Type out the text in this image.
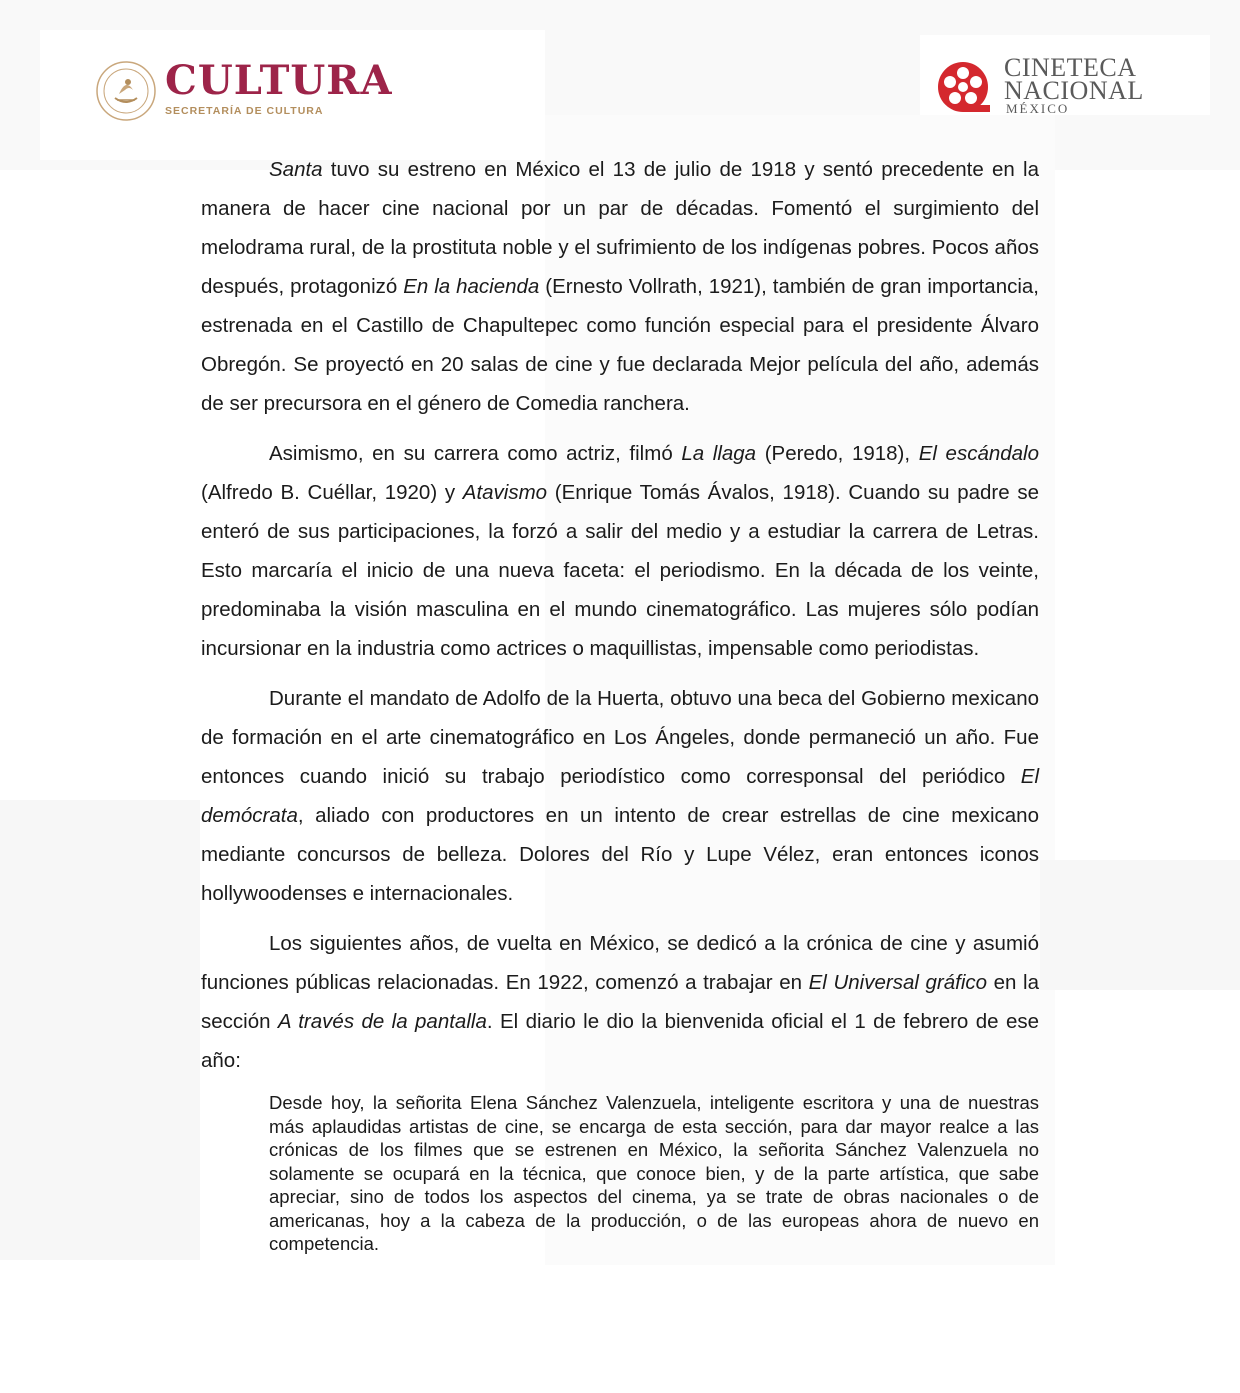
CULTURA
SECRETARÍA DE CULTURA
CINETECA
NACIONAL
MÉXICO

Santa tuvo su estreno en México el 13 de julio de 1918 y sentó precedente en la manera de hacer cine nacional por un par de décadas. Fomentó el surgimiento del melodrama rural, de la prostituta noble y el sufrimiento de los indígenas pobres. Pocos años después, protagonizó En la hacienda (Ernesto Vollrath, 1921), también de gran importancia, estrenada en el Castillo de Chapultepec como función especial para el presidente Álvaro Obregón. Se proyectó en 20 salas de cine y fue declarada Mejor película del año, además de ser precursora en el género de Comedia ranchera.

Asimismo, en su carrera como actriz, filmó La llaga (Peredo, 1918), El escándalo (Alfredo B. Cuéllar, 1920) y Atavismo (Enrique Tomás Ávalos, 1918). Cuando su padre se enteró de sus participaciones, la forzó a salir del medio y a estudiar la carrera de Letras. Esto marcaría el inicio de una nueva faceta: el periodismo. En la década de los veinte, predominaba la visión masculina en el mundo cinematográfico. Las mujeres sólo podían incursionar en la industria como actrices o maquillistas, impensable como periodistas.

Durante el mandato de Adolfo de la Huerta, obtuvo una beca del Gobierno mexicano de formación en el arte cinematográfico en Los Ángeles, donde permaneció un año. Fue entonces cuando inició su trabajo periodístico como corresponsal del periódico El demócrata, aliado con productores en un intento de crear estrellas de cine mexicano mediante concursos de belleza. Dolores del Río y Lupe Vélez, eran entonces iconos hollywoodenses e internacionales.

Los siguientes años, de vuelta en México, se dedicó a la crónica de cine y asumió funciones públicas relacionadas. En 1922, comenzó a trabajar en El Universal gráfico en la sección A través de la pantalla. El diario le dio la bienvenida oficial el 1 de febrero de ese año:

Desde hoy, la señorita Elena Sánchez Valenzuela, inteligente escritora y una de nuestras más aplaudidas artistas de cine, se encarga de esta sección, para dar mayor realce a las crónicas de los filmes que se estrenen en México, la señorita Sánchez Valenzuela no solamente se ocupará en la técnica, que conoce bien, y de la parte artística, que sabe apreciar, sino de todos los aspectos del cinema, ya se trate de obras nacionales o de americanas, hoy a la cabeza de la producción, o de las europeas ahora de nuevo en competencia.
